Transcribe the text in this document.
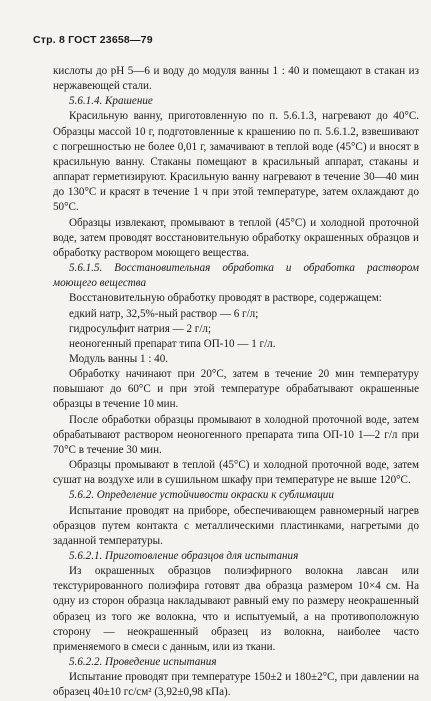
Стр. 8 ГОСТ 23658—79

кислоты до pH 5—6 и воду до модуля ванны 1 : 40 и помещают в стакан из нержавеющей стали.

5.6.1.4. Крашение

Красильную ванну, приготовленную по п. 5.6.1.3, нагревают до 40°С. Образцы массой 10 г, подготовленные к крашению по п. 5.6.1.2, взвешивают с погрешностью не более 0,01 г, замачивают в теплой воде (45°С) и вносят в красильную ванну. Стаканы помещают в красильный аппарат, стаканы и аппарат герметизируют. Красильную ванну нагревают в течение 30—40 мин до 130°С и красят в течение 1 ч при этой температуре, затем охлаждают до 50°С.

Образцы извлекают, промывают в теплой (45°С) и холодной проточной воде, затем проводят восстановительную обработку окрашенных образцов и обработку раствором моющего вещества.

5.6.1.5. Восстановительная обработка и обработка раствором моющего вещества

Восстановительную обработку проводят в растворе, содержащем:

едкий натр, 32,5%-ный раствор — 6 г/л;

гидросульфит натрия — 2 г/л;

неоногенный препарат типа ОП-10 — 1 г/л.

Модуль ванны 1 : 40.

Обработку начинают при 20°С, затем в течение 20 мин температуру повышают до 60°С и при этой температуре обрабатывают окрашенные образцы в течение 10 мин.

После обработки образцы промывают в холодной проточной воде, затем обрабатывают раствором неоногенного препарата типа ОП-10 1—2 г/л при 70°С в течение 30 мин.

Образцы промывают в теплой (45°С) и холодной проточной воде, затем сушат на воздухе или в сушильном шкафу при температуре не выше 120°С.

5.6.2. Определение устойчивости окраски к сублимации

Испытание проводят на приборе, обеспечивающем равномерный нагрев образцов путем контакта с металлическими пластинками, нагретыми до заданной температуры.

5.6.2.1. Приготовление образцов для испытания

Из окрашенных образцов полиэфирного волокна лавсан или текстурированного полиэфира готовят два образца размером 10×4 см. На одну из сторон образца накладывают равный ему по размеру неокрашенный образец из того же волокна, что и испытуемый, а на противоположную сторону — неокрашенный образец из волокна, наиболее часто применяемого в смеси с данным, или из ткани.

5.6.2.2. Проведение испытания

Испытание проводят при температуре 150±2 и 180±2°С, при давлении на образец 40±10 гс/см² (3,92±0,98 кПа).
